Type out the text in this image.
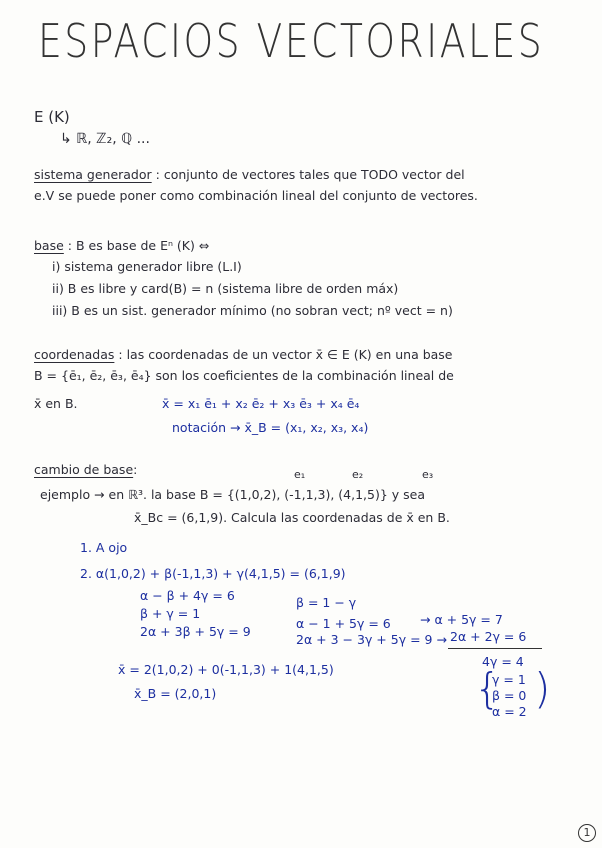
ESPACIOS VECTORIALES
E (K)
↳ ℝ, ℤ₂, ℚ ...
sistema generador : conjunto de vectores tales que TODO vector del
e.V se puede poner como combinación lineal del conjunto de vectores.
base : B es base de Eⁿ (K) ⇔
i) sistema generador libre (L.I)
ii) B es libre y card(B) = n (sistema libre de orden máx)
iii) B es un sist. generador mínimo (no sobran vect; nº vect = n)
coordenadas : las coordenadas de un vector x̄ ∈ E (K) en una base
B = {ē₁, ē₂, ē₃, ē₄} son los coeficientes de la combinación lineal de
x̄ en B.	x̄ = x₁ ē₁ + x₂ ē₂ + x₃ ē₃ + x₄ ē₄
notación → x̄_B = (x₁, x₂, x₃, x₄)
cambio de base:	e₁	e₂	e₃
ejemplo → en ℝ³. la base B = {(1,0,2), (-1,1,3), (4,1,5)} y sea
x̄_Bc = (6,1,9). Calcula las coordenadas de x̄ en B.
1. A ojo
2. α(1,0,2) + β(-1,1,3) + γ(4,1,5) = (6,1,9)
α − β + 4γ = 6
β + γ = 1
2α + 3β + 5γ = 9
β = 1 − γ
α − 1 + 5γ = 6 → α + 5γ = 7
2α + 3 − 3γ + 5γ = 9 → 2α + 2γ = 6
4γ = 4
{
γ = 1
β = 0
α = 2 )
x̄ = 2(1,0,2) + 0(-1,1,3) + 1(4,1,5)
x̄_B = (2,0,1)
1
